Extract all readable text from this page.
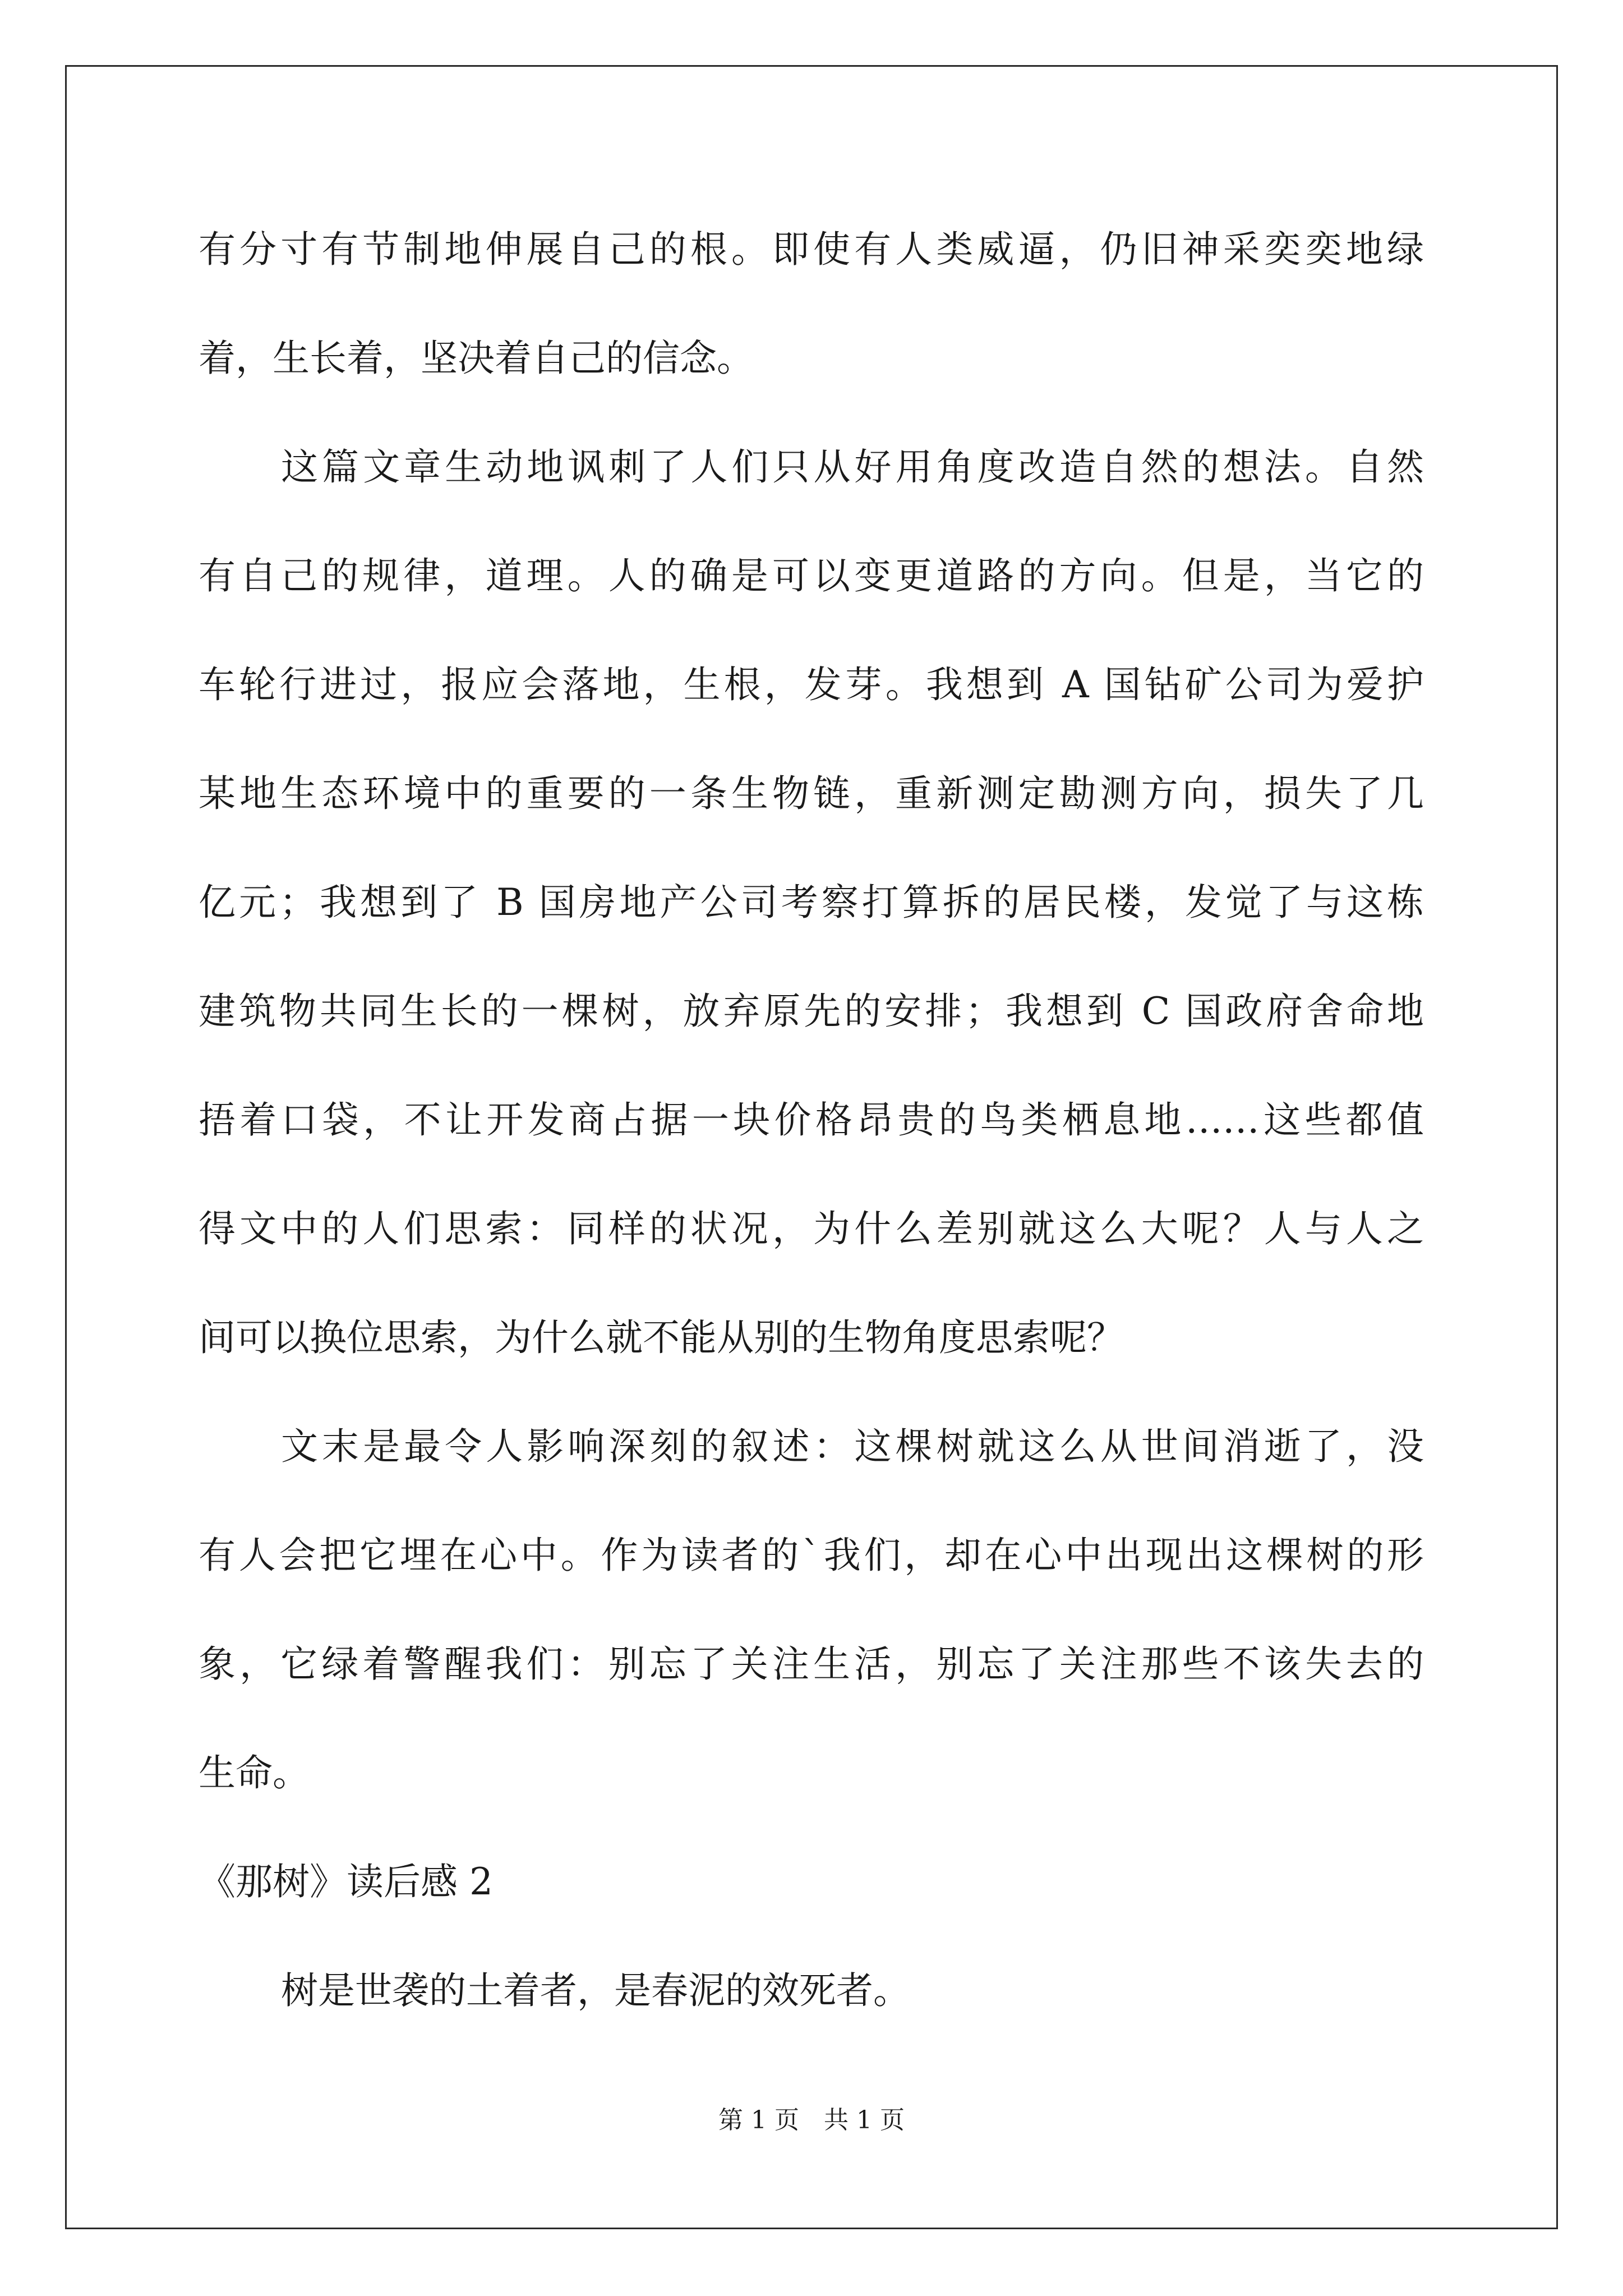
有分寸有节制地伸展自己的根。即使有人类威逼，仍旧神采奕奕地绿
着，生长着，坚决着自己的信念。
这篇文章生动地讽刺了人们只从好用角度改造自然的想法。自然
有自己的规律，道理。人的确是可以变更道路的方向。但是，当它的
车轮行进过，报应会落地，生根，发芽。我想到 A 国钻矿公司为爱护
某地生态环境中的重要的一条生物链，重新测定勘测方向，损失了几
亿元；我想到了 B 国房地产公司考察打算拆的居民楼，发觉了与这栋
建筑物共同生长的一棵树，放弃原先的安排；我想到 C 国政府舍命地
捂着口袋，不让开发商占据一块价格昂贵的鸟类栖息地……这些都值
得文中的人们思索：同样的状况，为什么差别就这么大呢？人与人之
间可以换位思索，为什么就不能从别的生物角度思索呢？
文末是最令人影响深刻的叙述：这棵树就这么从世间消逝了，没
有人会把它埋在心中。作为读者的`我们，却在心中出现出这棵树的形
象，它绿着警醒我们：别忘了关注生活，别忘了关注那些不该失去的
生命。
《那树》读后感 2
树是世袭的土着者，是春泥的效死者。
第 1 页　共 1 页
